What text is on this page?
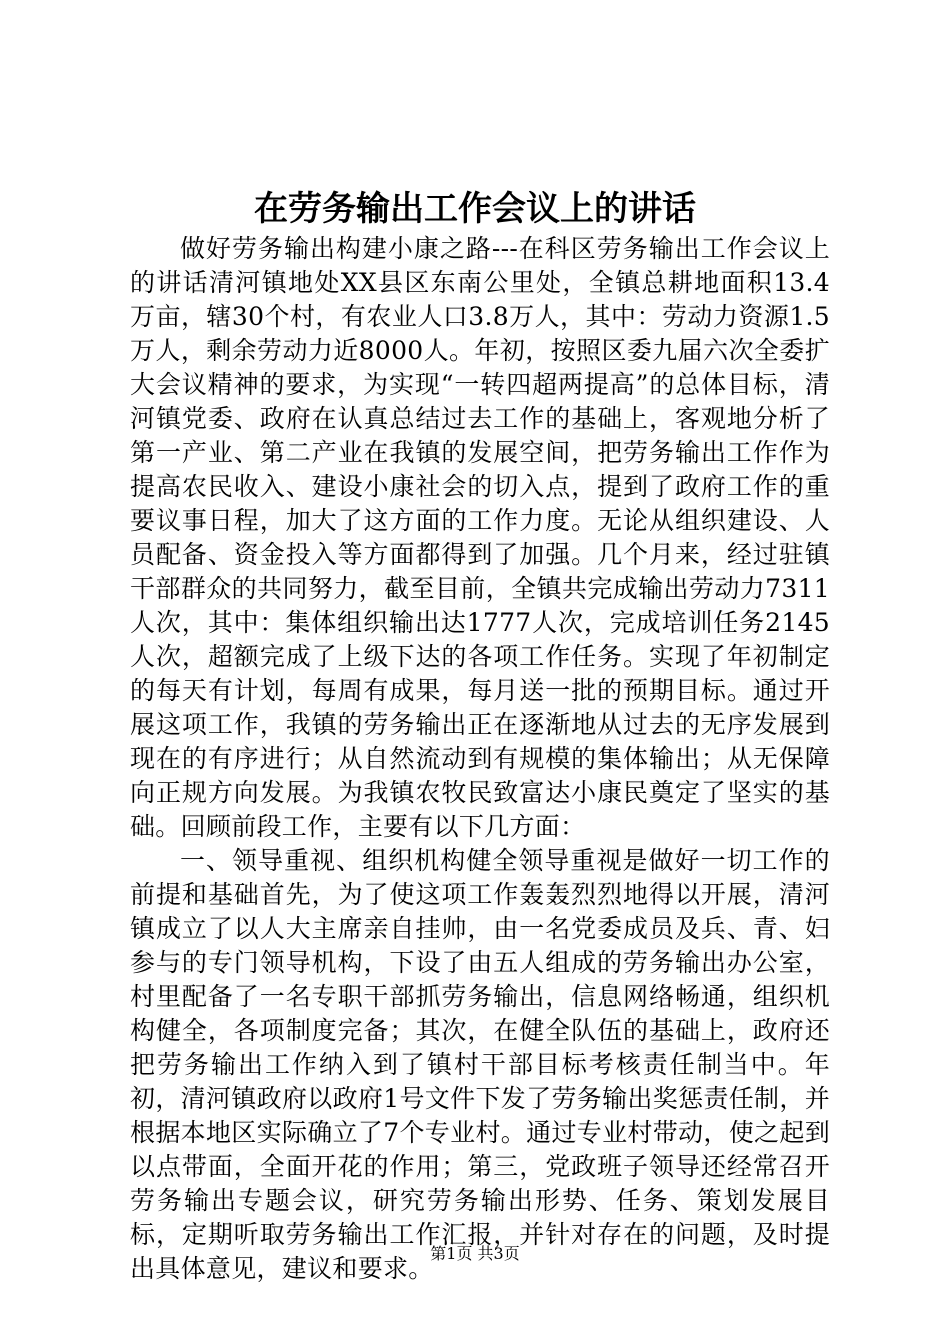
在劳务输出工作会议上的讲话

做好劳务输出构建小康之路---在科区劳务输出工作会议上的讲话清河镇地处XX县区东南公里处，全镇总耕地面积13.4万亩，辖30个村，有农业人口3.8万人，其中：劳动力资源1.5万人，剩余劳动力近8000人。年初，按照区委九届六次全委扩大会议精神的要求，为实现“一转四超两提高”的总体目标，清河镇党委、政府在认真总结过去工作的基础上，客观地分析了第一产业、第二产业在我镇的发展空间，把劳务输出工作作为提高农民收入、建设小康社会的切入点，提到了政府工作的重要议事日程，加大了这方面的工作力度。无论从组织建设、人员配备、资金投入等方面都得到了加强。几个月来，经过驻镇干部群众的共同努力，截至目前，全镇共完成输出劳动力7311人次，其中：集体组织输出达1777人次，完成培训任务2145人次，超额完成了上级下达的各项工作任务。实现了年初制定的每天有计划，每周有成果，每月送一批的预期目标。通过开展这项工作，我镇的劳务输出正在逐渐地从过去的无序发展到现在的有序进行；从自然流动到有规模的集体输出；从无保障向正规方向发展。为我镇农牧民致富达小康民奠定了坚实的基础。回顾前段工作，主要有以下几方面：

一、领导重视、组织机构健全领导重视是做好一切工作的前提和基础首先，为了使这项工作轰轰烈烈地得以开展，清河镇成立了以人大主席亲自挂帅，由一名党委成员及兵、青、妇参与的专门领导机构，下设了由五人组成的劳务输出办公室，村里配备了一名专职干部抓劳务输出，信息网络畅通，组织机构健全，各项制度完备；其次，在健全队伍的基础上，政府还把劳务输出工作纳入到了镇村干部目标考核责任制当中。年初，清河镇政府以政府1号文件下发了劳务输出奖惩责任制，并根据本地区实际确立了7个专业村。通过专业村带动，使之起到以点带面，全面开花的作用；第三，党政班子领导还经常召开劳务输出专题会议，研究劳务输出形势、任务、策划发展目标，定期听取劳务输出工作汇报，并针对存在的问题，及时提出具体意见，建议和要求。

第1页 共3页
